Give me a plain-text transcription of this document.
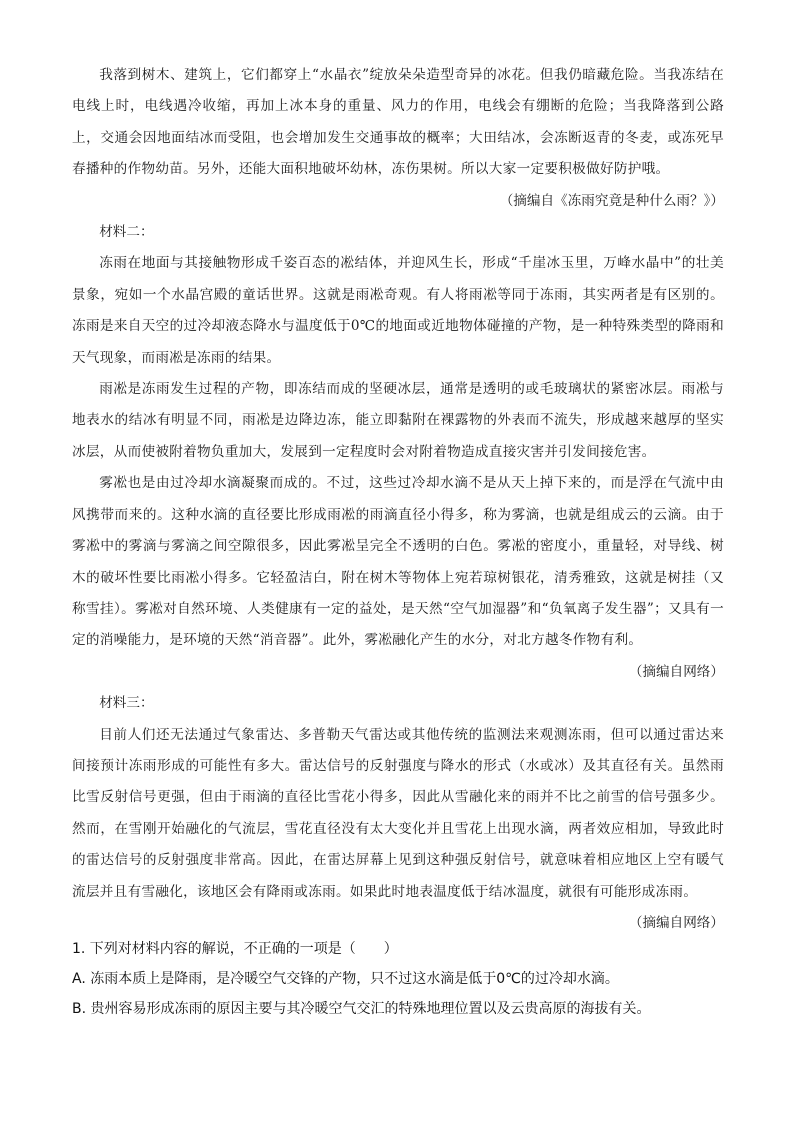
我落到树木、建筑上，它们都穿上“水晶衣”绽放朵朵造型奇异的冰花。但我仍暗藏危险。当我冻结在电线上时，电线遇冷收缩，再加上冰本身的重量、风力的作用，电线会有绷断的危险；当我降落到公路上，交通会因地面结冰而受阻，也会增加发生交通事故的概率；大田结冰，会冻断返青的冬麦，或冻死早春播种的作物幼苗。另外，还能大面积地破坏幼林，冻伤果树。所以大家一定要积极做好防护哦。

（摘编自《冻雨究竟是种什么雨？》）

材料二：

冻雨在地面与其接触物形成千姿百态的凇结体，并迎风生长，形成“千崖冰玉里，万峰水晶中”的壮美景象，宛如一个水晶宫殿的童话世界。这就是雨凇奇观。有人将雨凇等同于冻雨，其实两者是有区别的。冻雨是来自天空的过冷却液态降水与温度低于0℃的地面或近地物体碰撞的产物，是一种特殊类型的降雨和天气现象，而雨凇是冻雨的结果。

雨凇是冻雨发生过程的产物，即冻结而成的坚硬冰层，通常是透明的或毛玻璃状的紧密冰层。雨凇与地表水的结冰有明显不同，雨凇是边降边冻，能立即黏附在裸露物的外表而不流失，形成越来越厚的坚实冰层，从而使被附着物负重加大，发展到一定程度时会对附着物造成直接灾害并引发间接危害。

雾凇也是由过冷却水滴凝聚而成的。不过，这些过冷却水滴不是从天上掉下来的，而是浮在气流中由风携带而来的。这种水滴的直径要比形成雨凇的雨滴直径小得多，称为雾滴，也就是组成云的云滴。由于雾凇中的雾滴与雾滴之间空隙很多，因此雾凇呈完全不透明的白色。雾凇的密度小，重量轻，对导线、树木的破坏性要比雨凇小得多。它轻盈洁白，附在树木等物体上宛若琼树银花，清秀雅致，这就是树挂（又称雪挂）。雾凇对自然环境、人类健康有一定的益处，是天然“空气加湿器”和“负氧离子发生器”；又具有一定的消噪能力，是环境的天然“消音器”。此外，雾凇融化产生的水分，对北方越冬作物有利。

（摘编自网络）

材料三：

目前人们还无法通过气象雷达、多普勒天气雷达或其他传统的监测法来观测冻雨，但可以通过雷达来间接预计冻雨形成的可能性有多大。雷达信号的反射强度与降水的形式（水或冰）及其直径有关。虽然雨比雪反射信号更强，但由于雨滴的直径比雪花小得多，因此从雪融化来的雨并不比之前雪的信号强多少。然而，在雪刚开始融化的气流层，雪花直径没有太大变化并且雪花上出现水滴，两者效应相加，导致此时的雷达信号的反射强度非常高。因此，在雷达屏幕上见到这种强反射信号，就意味着相应地区上空有暖气流层并且有雪融化，该地区会有降雨或冻雨。如果此时地表温度低于结冰温度，就很有可能形成冻雨。

（摘编自网络）

1. 下列对材料内容的解说，不正确的一项是（　　）

A. 冻雨本质上是降雨，是冷暖空气交锋的产物，只不过这水滴是低于0℃的过冷却水滴。

B. 贵州容易形成冻雨的原因主要与其冷暖空气交汇的特殊地理位置以及云贵高原的海拔有关。
